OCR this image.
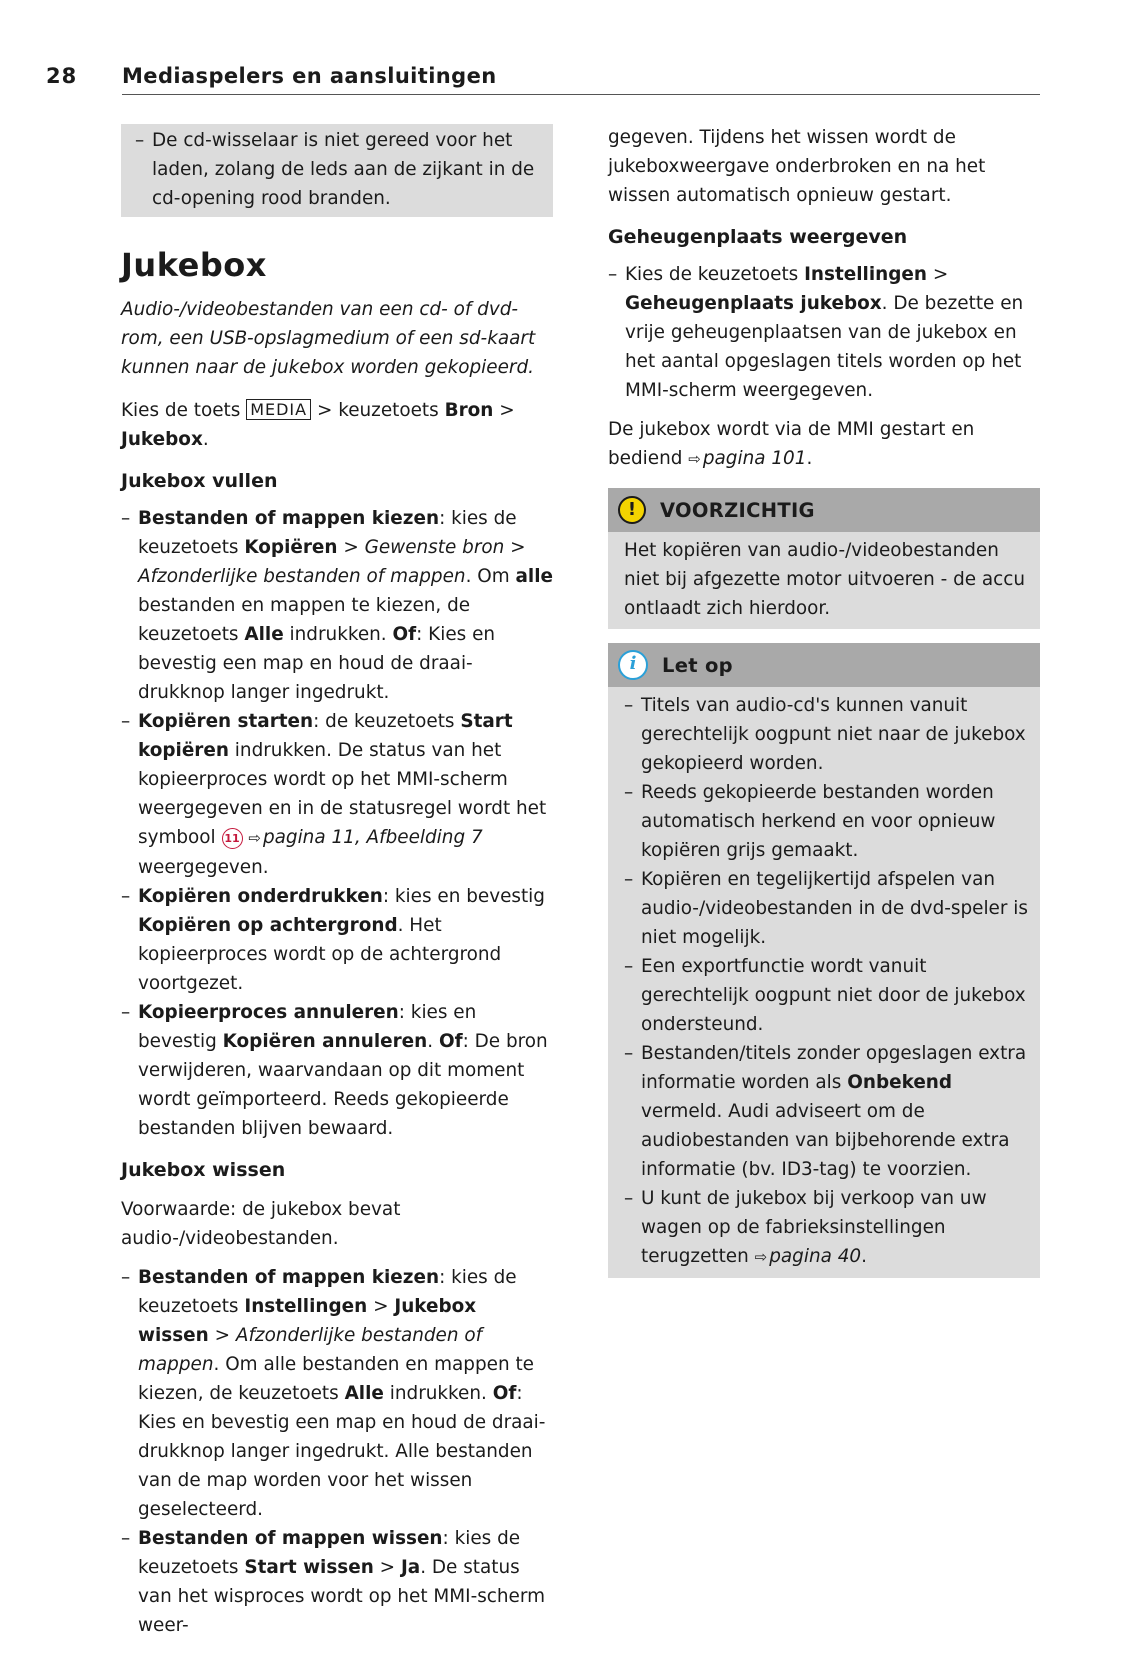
28 Mediaspelers en aansluitingen
– De cd-wisselaar is niet gereed voor het laden, zolang de leds aan de zijkant in de cd-opening rood branden.
Jukebox

Audio-/videobestanden van een cd- of dvd-rom, een USB-opslagmedium of een sd-kaart kunnen naar de jukebox worden gekopieerd.

Kies de toets MEDIA > keuzetoets Bron > Jukebox.

Jukebox vullen
– Bestanden of mappen kiezen: kies de keuzetoets Kopiëren > Gewenste bron > Afzonderlijke bestanden of mappen. Om alle bestanden en mappen te kiezen, de keuzetoets Alle indrukken. Of: Kies en bevestig een map en houd de draai-drukknop langer ingedrukt.
– Kopiëren starten: de keuzetoets Start kopiëren indrukken. De status van het kopieerproces wordt op het MMI-scherm weergegeven en in de statusregel wordt het symbool 11 ⇨ pagina 11, Afbeelding 7 weergegeven.
– Kopiëren onderdrukken: kies en bevestig Kopiëren op achtergrond. Het kopieerproces wordt op de achtergrond voortgezet.
– Kopieerproces annuleren: kies en bevestig Kopiëren annuleren. Of: De bron verwijderen, waarvandaan op dit moment wordt geïmporteerd. Reeds gekopieerde bestanden blijven bewaard.
Jukebox wissen

Voorwaarde: de jukebox bevat audio-/videobestanden.

– Bestanden of mappen kiezen: kies de keuzetoets Instellingen > Jukebox wissen > Afzonderlijke bestanden of mappen. Om alle bestanden en mappen te kiezen, de keuzetoets Alle indrukken. Of: Kies en bevestig een map en houd de draai-drukknop langer ingedrukt. Alle bestanden van de map worden voor het wissen geselecteerd.
– Bestanden of mappen wissen: kies de keuzetoets Start wissen > Ja. De status van het wisproces wordt op het MMI-scherm weer-

gegeven. Tijdens het wissen wordt de jukeboxweergave onderbroken en na het wissen automatisch opnieuw gestart.

Geheugenplaats weergeven
– Kies de keuzetoets Instellingen > Geheugenplaats jukebox. De bezette en vrije geheugenplaatsen van de jukebox en het aantal opgeslagen titels worden op het MMI-scherm weergegeven.

De jukebox wordt via de MMI gestart en bediend ⇨ pagina 101.

!	VOORZICHTIG

Het kopiëren van audio-/videobestanden niet bij afgezette motor uitvoeren - de accu ontlaadt zich hierdoor.

i	Let op
– Titels van audio-cd's kunnen vanuit gerechtelijk oogpunt niet naar de jukebox gekopieerd worden.
– Reeds gekopieerde bestanden worden automatisch herkend en voor opnieuw kopiëren grijs gemaakt.
– Kopiëren en tegelijkertijd afspelen van audio-/videobestanden in de dvd-speler is niet mogelijk.
– Een exportfunctie wordt vanuit gerechtelijk oogpunt niet door de jukebox ondersteund.
– Bestanden/titels zonder opgeslagen extra informatie worden als Onbekend vermeld. Audi adviseert om de audiobestanden van bijbehorende extra informatie (bv. ID3-tag) te voorzien.
– U kunt de jukebox bij verkoop van uw wagen op de fabrieksinstellingen terugzetten ⇨ pagina 40.
